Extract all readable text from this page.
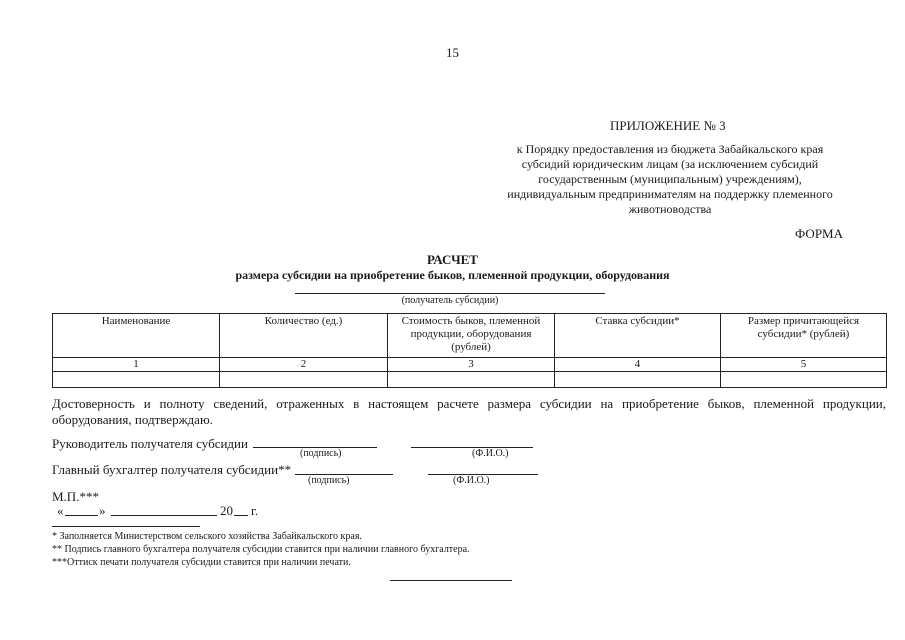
15
ПРИЛОЖЕНИЕ № 3
к Порядку предоставления из бюджета Забайкальского края
субсидий юридическим лицам (за исключением субсидий
государственным (муниципальным) учреждениям),
индивидуальным предпринимателям на поддержку племенного
животноводства
ФОРМА
РАСЧЕТ
размера субсидии на приобретение быков, племенной продукции, оборудования
(получатель субсидии)
Наименование	Количество (ед.)	Стоимость быков, племенной продукции, оборудования (рублей)	Ставка субсидии*	Размер причитающейся субсидии* (рублей)
1	2	3	4	5

Достоверность и полноту сведений, отраженных в настоящем расчете размера субсидии на приобретение быков, племенной продукции, оборудования, подтверждаю.
Руководитель получателя субсидии
(подпись)	(Ф.И.О.)
Главный бухгалтер получателя субсидии**
(подпись)	(Ф.И.О.)
М.П.***
«	»	20 г.
* Заполняется Министерством сельского хозяйства Забайкальского края.
** Подпись главного бухгалтера получателя субсидии ставится при наличии главного бухгалтера.
***Оттиск печати получателя субсидии ставится при наличии печати.
